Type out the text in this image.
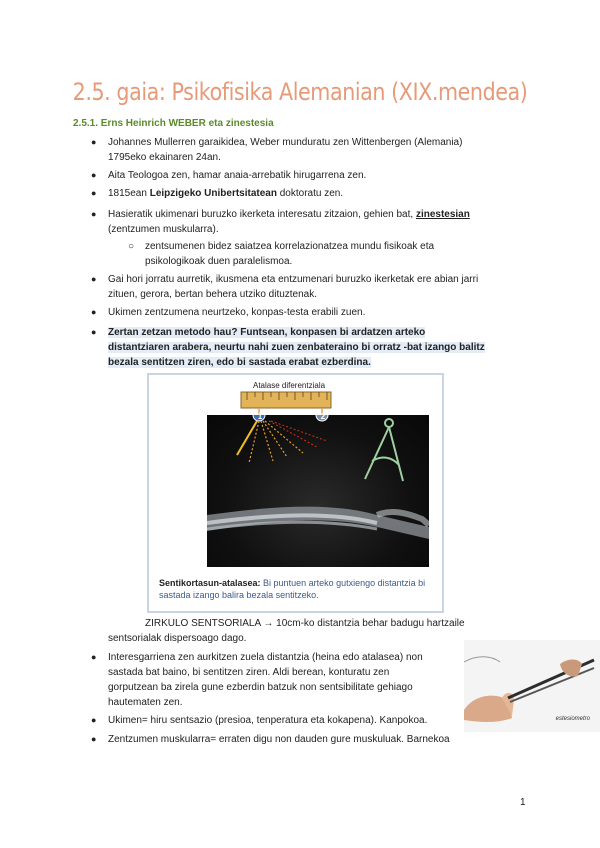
2.5. gaia: Psikofisika Alemanian (XIX.mendea)
2.5.1. Erns Heinrich WEBER eta zinestesia
● Johannes Mullerren garaikidea, Weber munduratu zen Wittenbergen (Alemania)
1795eko ekainaren 24an.
● Aita Teologoa zen, hamar anaia-arrebatik hirugarrena zen.
● 1815ean Leipzigeko Unibertsitatean doktoratu zen.
● Hasieratik ukimenari buruzko ikerketa interesatu zitzaion, gehien bat, zinestesian
(zentzumen muskularra).
○ zentsumenen bidez saiatzea korrelazionatzea mundu fisikoak eta
psikologikoak duen paralelismoa.
● Gai hori jorratu aurretik, ikusmena eta entzumenari buruzko ikerketak ere abian jarri
zituen, gerora, bertan behera utziko dituztenak.
● Ukimen zentzumena neurtzeko, konpas-testa erabili zuen.
● Zertan zetzan metodo hau? Funtsean, konpasen bi ardatzen arteko
distantziaren arabera, neurtu nahi zuen zenbateraino bi orratz -bat izango balitz
bezala sentitzen ziren, edo bi sastada erabat ezberdina.
Atalase diferentziala
1	2
Sentikortasun-atalasea: Bi puntuen arteko gutxiengo distantzia bi sastada izango balira bezala sentitzeko.
ZIRKULO SENTSORIALA → 10cm-ko distantzia behar badugu hartzaile
sentsorialak dispersoago dago.
● Interesgarriena zen aurkitzen zuela distantzia (heina edo atalasea) non
sastada bat baino, bi sentitzen ziren. Aldi berean, konturatu zen
gorputzean ba zirela gune ezberdin batzuk non sentsibilitate gehiago
hautematen zen.
estesiometro
● Ukimen= hiru sentsazio (presioa, tenperatura eta kokapena). Kanpokoa.
● Zentzumen muskularra= erraten digu non dauden gure muskuluak. Barnekoa
1
